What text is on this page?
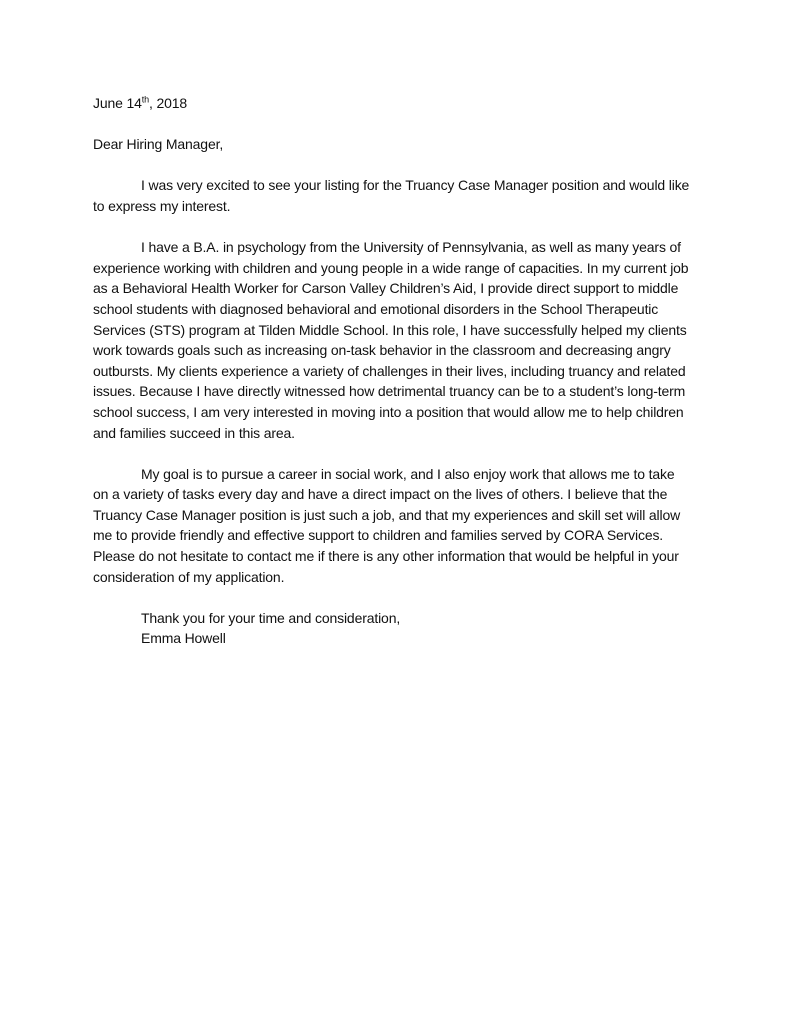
June 14th, 2018

Dear Hiring Manager,

I was very excited to see your listing for the Truancy Case Manager position and would like to express my interest.

I have a B.A. in psychology from the University of Pennsylvania, as well as many years of experience working with children and young people in a wide range of capacities. In my current job as a Behavioral Health Worker for Carson Valley Children’s Aid, I provide direct support to middle school students with diagnosed behavioral and emotional disorders in the School Therapeutic Services (STS) program at Tilden Middle School. In this role, I have successfully helped my clients work towards goals such as increasing on-task behavior in the classroom and decreasing angry outbursts. My clients experience a variety of challenges in their lives, including truancy and related issues. Because I have directly witnessed how detrimental truancy can be to a student’s long-term school success, I am very interested in moving into a position that would allow me to help children and families succeed in this area.

My goal is to pursue a career in social work, and I also enjoy work that allows me to take on a variety of tasks every day and have a direct impact on the lives of others. I believe that the Truancy Case Manager position is just such a job, and that my experiences and skill set will allow me to provide friendly and effective support to children and families served by CORA Services. Please do not hesitate to contact me if there is any other information that would be helpful in your consideration of my application.

Thank you for your time and consideration,

Emma Howell
